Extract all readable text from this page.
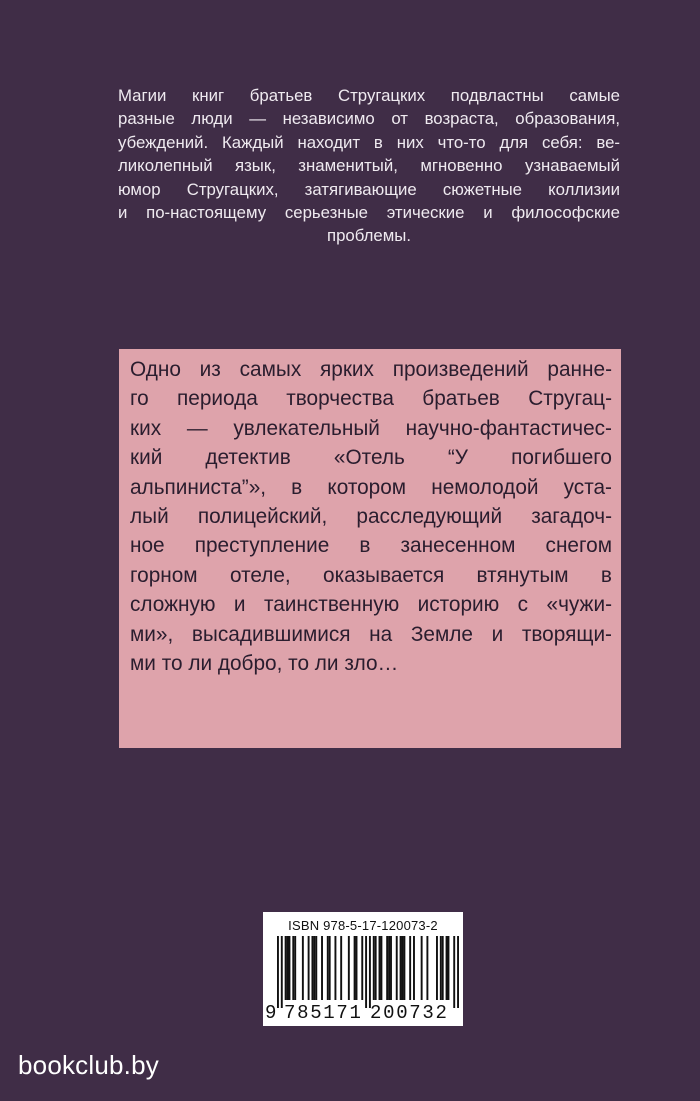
Магии книг братьев Стругацких подвластны самые
разные люди — независимо от возраста, образования,
убеждений. Каждый находит в них что-то для себя: ве-
ликолепный язык, знаменитый, мгновенно узнаваемый
юмор Стругацких, затягивающие сюжетные коллизии
и по-настоящему серьезные этические и философские
проблемы.
Одно из самых ярких произведений ранне-
го периода творчества братьев Стругац-
ких — увлекательный научно-фантастичес-
кий детектив «Отель “У погибшего
альпиниста”», в котором немолодой уста-
лый полицейский, расследующий загадоч-
ное преступление в занесенном снегом
горном отеле, оказывается втянутым в
сложную и таинственную историю с «чужи-
ми», высадившимися на Земле и творящи-
ми то ли добро, то ли зло…
ISBN 978-5-17-120073-2
9 785171 200732
bookclub.by
